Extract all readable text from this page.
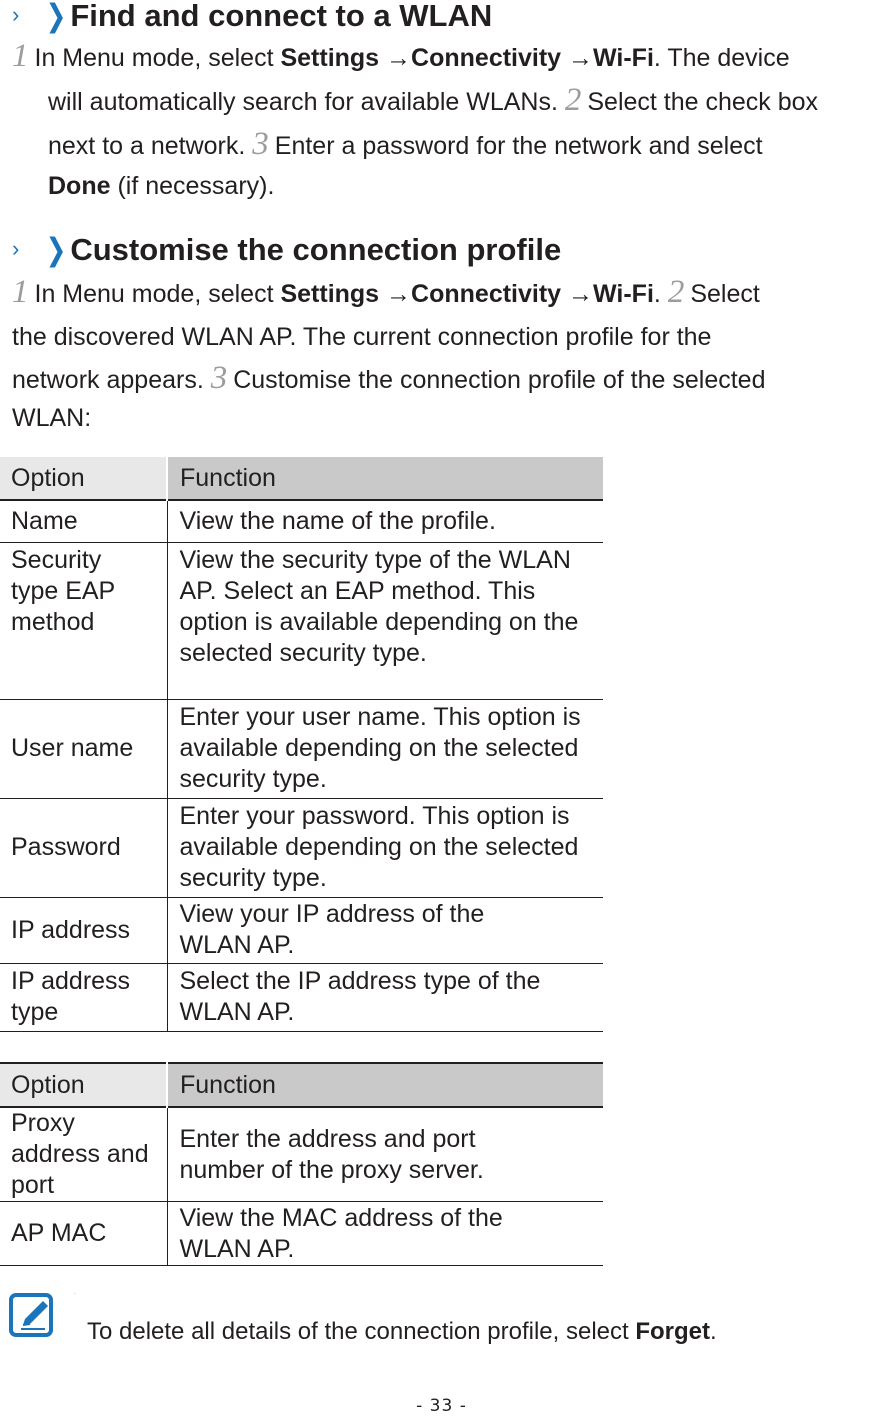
› ❯ Find and connect to a WLAN
1 In Menu mode, select Settings →Connectivity →Wi-Fi. The device
will automatically search for available WLANs. 2 Select the check box
next to a network. 3 Enter a password for the network and select
Done (if necessary).
› ❯ Customise the connection profile
1 In Menu mode, select Settings →Connectivity →Wi-Fi. 2 Select
the discovered WLAN AP. The current connection profile for the
network appears. 3 Customise the connection profile of the selected
WLAN:
Option	Function
Name	View the name of the profile.
Security type EAP method	View the security type of the WLAN AP. Select an EAP method. This option is available depending on the selected security type.
User name	Enter your user name. This option is available depending on the selected security type.
Password	Enter your password. This option is available depending on the selected security type.
IP address	View your IP address of the WLAN AP.
IP address type	Select the IP address type of the WLAN AP.
Option	Function
Proxy address and port	Enter the address and port number of the proxy server.
AP MAC	View the MAC address of the WLAN AP.
.
To delete all details of the connection profile, select Forget.
- 33 -
